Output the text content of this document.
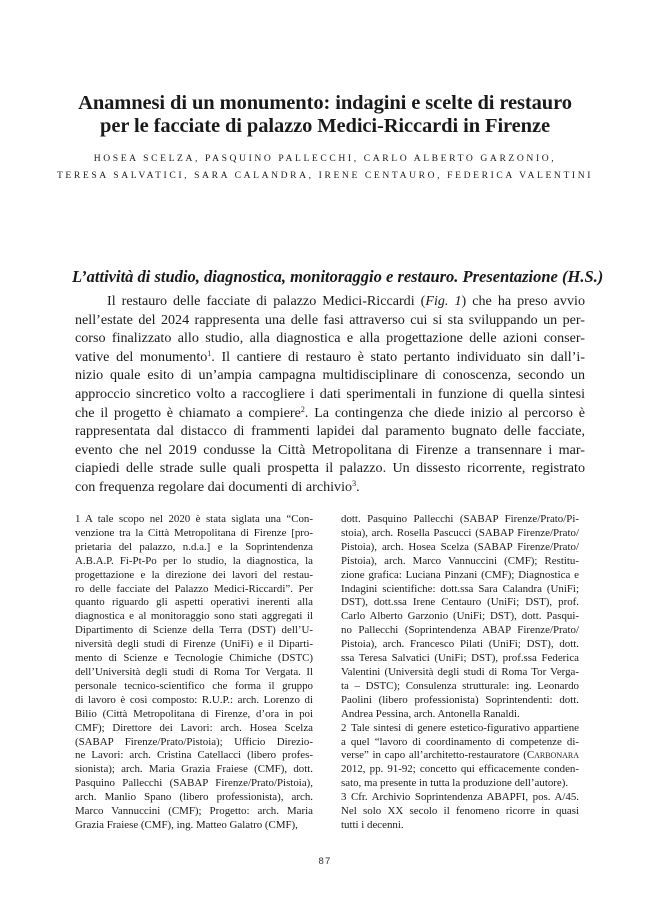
Anamnesi di un monumento: indagini e scelte di restauro
per le facciate di palazzo Medici-Riccardi in Firenze

HOSEA SCELZA, PASQUINO PALLECCHI, CARLO ALBERTO GARZONIO,
TERESA SALVATICI, SARA CALANDRA, IRENE CENTAURO, FEDERICA VALENTINI

L’attività di studio, diagnostica, monitoraggio e restauro. Presentazione (H.S.)
Il restauro delle facciate di palazzo Medici-Riccardi (Fig. 1) che ha preso avvio
nell’estate del 2024 rappresenta una delle fasi attraverso cui si sta sviluppando un per-
corso finalizzato allo studio, alla diagnostica e alla progettazione delle azioni conser-
vative del monumento$^1$. Il cantiere di restauro è stato pertanto individuato sin dall’i-
nizio quale esito di un’ampia campagna multidisciplinare di conoscenza, secondo un
approccio sincretico volto a raccogliere i dati sperimentali in funzione di quella sintesi
che il progetto è chiamato a compiere$^2$. La contingenza che diede inizio al percorso è
rappresentata dal distacco di frammenti lapidei dal paramento bugnato delle facciate,
evento che nel 2019 condusse la Città Metropolitana di Firenze a transennare i mar-
ciapiedi delle strade sulle quali prospetta il palazzo. Un dissesto ricorrente, registrato
con frequenza regolare dai documenti di archivio$^3$.
1 A tale scopo nel 2020 è stata siglata una “Con-
venzione tra la Città Metropolitana di Firenze [pro-
prietaria del palazzo, n.d.a.] e la Soprintendenza
A.B.A.P. Fi-Pt-Po per lo studio, la diagnostica, la
progettazione e la direzione dei lavori del restau-
ro delle facciate del Palazzo Medici-Riccardi”. Per
quanto riguardo gli aspetti operativi inerenti alla
diagnostica e al monitoraggio sono stati aggregati il
Dipartimento di Scienze della Terra (DST) dell’U-
niversità degli studi di Firenze (UniFi) e il Diparti-
mento di Scienze e Tecnologie Chimiche (DSTC)
dell’Università degli studi di Roma Tor Vergata. Il
personale tecnico-scientifico che forma il gruppo
di lavoro è così composto: R.U.P.: arch. Lorenzo di
Bilio (Città Metropolitana di Firenze, d’ora in poi
CMF); Direttore dei Lavori: arch. Hosea Scelza
(SABAP Firenze/Prato/Pistoia); Ufficio Direzio-
ne Lavori: arch. Cristina Catellacci (libero profes-
sionista); arch. Maria Grazia Fraiese (CMF), dott.
Pasquino Pallecchi (SABAP Firenze/Prato/Pistoia),
arch. Manlio Spano (libero professionista), arch.
Marco Vannuccini (CMF); Progetto: arch. Maria
Grazia Fraiese (CMF), ing. Matteo Galatro (CMF),
dott. Pasquino Pallecchi (SABAP Firenze/Prato/Pi-
stoia), arch. Rosella Pascucci (SABAP Firenze/Prato/
Pistoia), arch. Hosea Scelza (SABAP Firenze/Prato/
Pistoia), arch. Marco Vannuccini (CMF); Restitu-
zione grafica: Luciana Pinzani (CMF); Diagnostica e
Indagini scientifiche: dott.ssa Sara Calandra (UniFi;
DST), dott.ssa Irene Centauro (UniFi; DST), prof.
Carlo Alberto Garzonio (UniFi; DST), dott. Pasqui-
no Pallecchi (Soprintendenza ABAP Firenze/Prato/
Pistoia), arch. Francesco Pilati (UniFi; DST), dott.
ssa Teresa Salvatici (UniFi; DST), prof.ssa Federica
Valentini (Università degli studi di Roma Tor Verga-
ta – DSTC); Consulenza strutturale: ing. Leonardo
Paolini (libero professionista) Soprintendenti: dott.
Andrea Pessina, arch. Antonella Ranaldi.
2 Tale sintesi di genere estetico-figurativo appartiene
a quel “lavoro di coordinamento di competenze di-
verse” in capo all’architetto-restauratore (Carbonara
2012, pp. 91-92; concetto qui efficacemente conden-
sato, ma presente in tutta la produzione dell’autore).
3 Cfr. Archivio Soprintendenza ABAPFI, pos. A/45.
Nel solo XX secolo il fenomeno ricorre in quasi
tutti i decenni.
87
